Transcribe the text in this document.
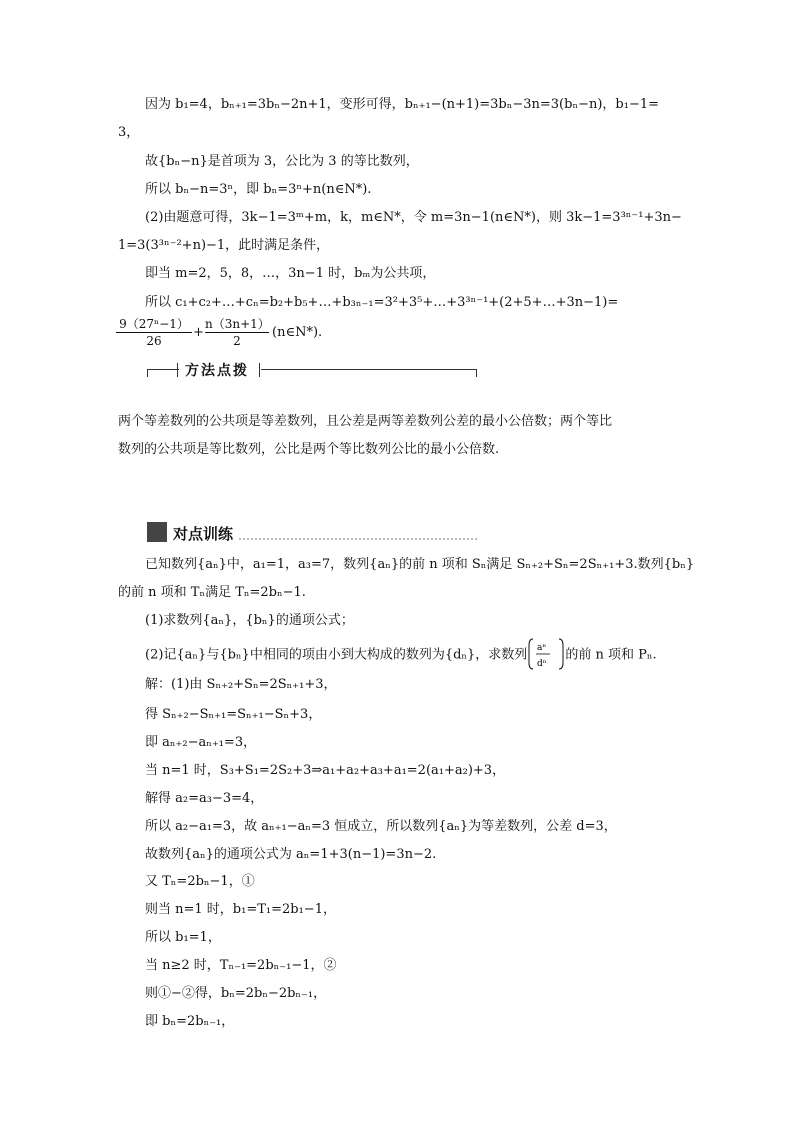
因为 b₁=4，bₙ₊₁=3bₙ−2n+1，变形可得，bₙ₊₁−(n+1)=3bₙ−3n=3(bₙ−n)，b₁−1=
3，
故{bₙ−n}是首项为 3，公比为 3 的等比数列，
所以 bₙ−n=3ⁿ，即 bₙ=3ⁿ+n(n∈N*).
(2)由题意可得，3k−1=3ᵐ+m，k，m∈N*，令 m=3n−1(n∈N*)，则 3k−1=3³ⁿ⁻¹+3n−
1=3(3³ⁿ⁻²+n)−1，此时满足条件，
即当 m=2，5，8，…，3n−1 时，bₘ为公共项，
所以 c₁+c₂+…+cₙ=b₂+b₅+…+b₃ₙ₋₁=3²+3⁵+…+3³ⁿ⁻¹+(2+5+…+3n−1)=
$\frac{\text{9（27ⁿ−1）}}{26} + \frac{n(3n+1)}{2}$ (n∈N*).
方法点拨
两个等差数列的公共项是等差数列，且公差是两等差数列公差的最小公倍数；两个等比
数列的公共项是等比数列，公比是两个等比数列公比的最小公倍数.
对点训练
已知数列{aₙ}中，a₁=1，a₃=7，数列{aₙ}的前 n 项和 Sₙ满足 Sₙ₊₂+Sₙ=2Sₙ₊₁+3.数列{bₙ}
的前 n 项和 Tₙ满足 Tₙ=2bₙ−1.
(1)求数列{aₙ}，{bₙ}的通项公式；
(2)记{aₙ}与{bₙ}中相同的项由小到大构成的数列为{dₙ}，求数列 aⁿ
dⁿ
的前 n 项和 Pₙ.
解：(1)由 Sₙ₊₂+Sₙ=2Sₙ₊₁+3，
得 Sₙ₊₂−Sₙ₊₁=Sₙ₊₁−Sₙ+3，
即 aₙ₊₂−aₙ₊₁=3，
当 n=1 时，S₃+S₁=2S₂+3⇒a₁+a₂+a₃+a₁=2(a₁+a₂)+3，
解得 a₂=a₃−3=4，
所以 a₂−a₁=3，故 aₙ₊₁−aₙ=3 恒成立，所以数列{aₙ}为等差数列，公差 d=3，
故数列{aₙ}的通项公式为 aₙ=1+3(n−1)=3n−2.
又 Tₙ=2bₙ−1，①
则当 n=1 时，b₁=T₁=2b₁−1，
所以 b₁=1，
当 n≥2 时，Tₙ₋₁=2bₙ₋₁−1，②
则①−②得，bₙ=2bₙ−2bₙ₋₁，
即 bₙ=2bₙ₋₁，
